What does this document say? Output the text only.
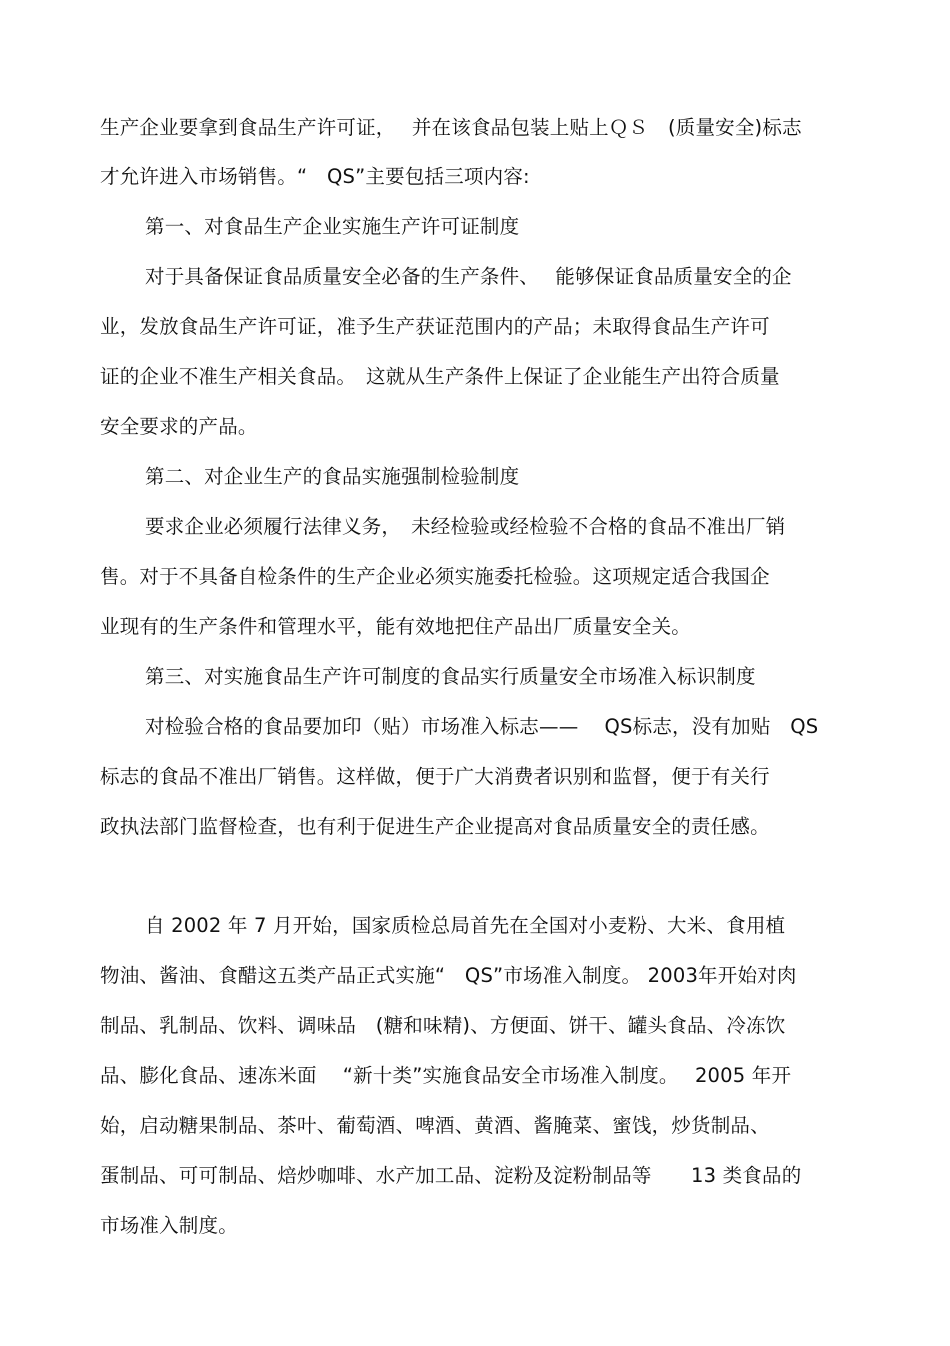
生产企业要拿到食品生产许可证，　 并在该食品包装上贴上ＱＳ　(质量安全)标志
才允许进入市场销售。“　QS”主要包括三项内容:
第一、对食品生产企业实施生产许可证制度
对于具备保证食品质量安全必备的生产条件、　 能够保证食品质量安全的企
业，发放食品生产许可证，准予生产获证范围内的产品；未取得食品生产许可
证的企业不准生产相关食品。　这就从生产条件上保证了企业能生产出符合质量
安全要求的产品。
第二、对企业生产的食品实施强制检验制度
要求企业必须履行法律义务，　未经检验或经检验不合格的食品不准出厂销
售。对于不具备自检条件的生产企业必须实施委托检验。这项规定适合我国企
业现有的生产条件和管理水平，能有效地把住产品出厂质量安全关。
第三、对实施食品生产许可制度的食品实行质量安全市场准入标识制度
对检验合格的食品要加印（贴）市场准入标志——　 QS标志，没有加贴　QS
标志的食品不准出厂销售。这样做，便于广大消费者识别和监督，便于有关行
政执法部门监督检查，也有利于促进生产企业提高对食品质量安全的责任感。
自 2002 年 7 月开始，国家质检总局首先在全国对小麦粉、大米、食用植
物油、酱油、食醋这五类产品正式实施“　QS”市场准入制度。 2003年开始对肉
制品、乳制品、饮料、调味品　(糖和味精)、方便面、饼干、罐头食品、冷冻饮
品、膨化食品、速冻米面　 “新十类”实施食品安全市场准入制度。　 2005 年开
始，启动糖果制品、茶叶、葡萄酒、啤酒、黄酒、酱腌菜、蜜饯，炒货制品、
蛋制品、可可制品、焙炒咖啡、水产加工品、淀粉及淀粉制品等　　13 类食品的
市场准入制度。
